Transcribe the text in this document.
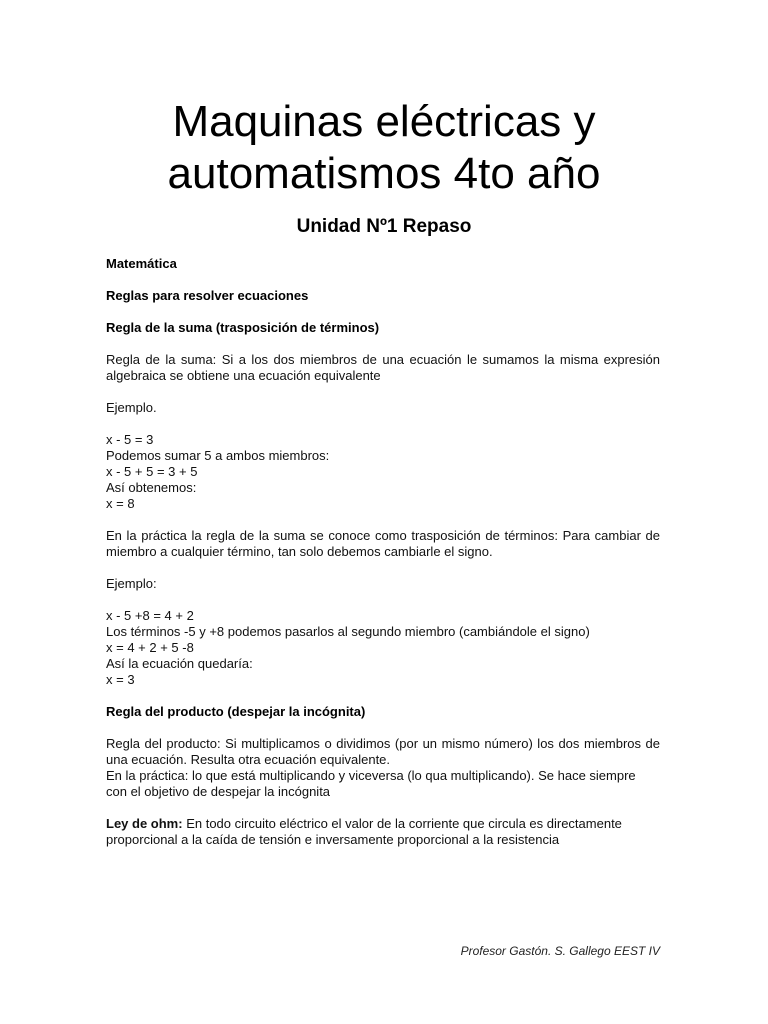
Maquinas eléctricas y
automatismos 4to año
Unidad Nº1 Repaso

Matemática

Reglas para resolver ecuaciones

Regla de la suma (trasposición de términos)

Regla de la suma: Si a los dos miembros de una ecuación le sumamos la misma expresión algebraica se obtiene una ecuación equivalente

Ejemplo.

x - 5 = 3
Podemos sumar 5 a ambos miembros:
x - 5 + 5 = 3 + 5
Así obtenemos:
x = 8

En la práctica la regla de la suma se conoce como trasposición de términos: Para cambiar de miembro a cualquier término, tan solo debemos cambiarle el signo.

Ejemplo:

x - 5 +8 = 4 + 2
Los términos -5 y +8 podemos pasarlos al segundo miembro (cambiándole el signo)
x = 4 + 2 + 5 -8
Así la ecuación quedaría:
x = 3

Regla del producto (despejar la incógnita)

Regla del producto: Si multiplicamos o dividimos (por un mismo número) los dos miembros de una ecuación. Resulta otra ecuación equivalente.

En la práctica: lo que está multiplicando y viceversa (lo qua multiplicando). Se hace siempre con el objetivo de despejar la incógnita

Ley de ohm: En todo circuito eléctrico el valor de la corriente que circula es directamente proporcional a la caída de tensión e inversamente proporcional a la resistencia

Profesor Gastón. S. Gallego EEST IV
